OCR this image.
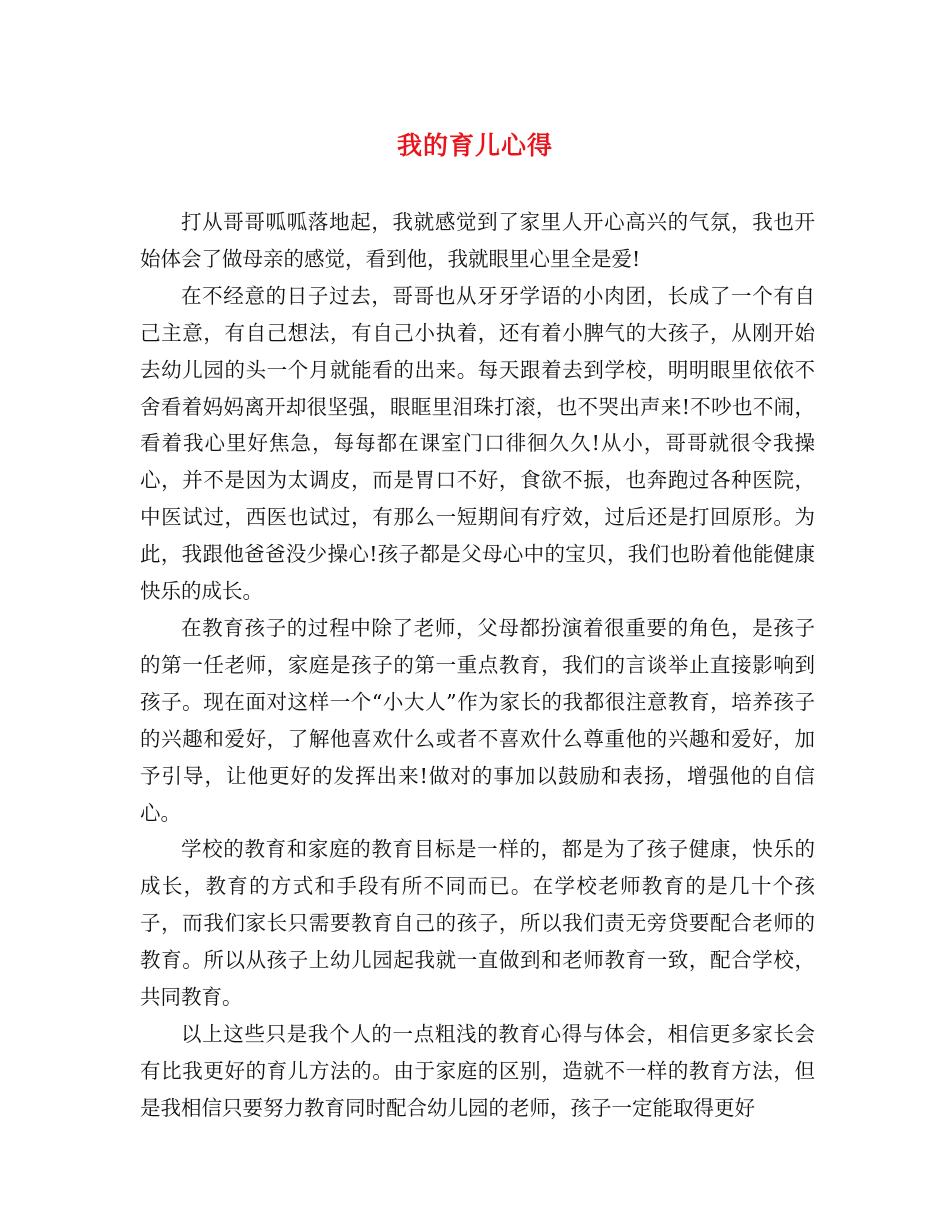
我的育儿心得

打从哥哥呱呱落地起，我就感觉到了家里人开心高兴的气氛，我也开始体会了做母亲的感觉，看到他，我就眼里心里全是爱!

在不经意的日子过去，哥哥也从牙牙学语的小肉团，长成了一个有自己主意，有自己想法，有自己小执着，还有着小脾气的大孩子，从刚开始去幼儿园的头一个月就能看的出来。每天跟着去到学校，明明眼里依依不舍看着妈妈离开却很坚强，眼眶里泪珠打滚，也不哭出声来!不吵也不闹，看着我心里好焦急，每每都在课室门口徘徊久久!从小，哥哥就很令我操心，并不是因为太调皮，而是胃口不好，食欲不振，也奔跑过各种医院，中医试过，西医也试过，有那么一短期间有疗效，过后还是打回原形。为此，我跟他爸爸没少操心!孩子都是父母心中的宝贝，我们也盼着他能健康快乐的成长。

在教育孩子的过程中除了老师，父母都扮演着很重要的角色，是孩子的第一任老师，家庭是孩子的第一重点教育，我们的言谈举止直接影响到孩子。现在面对这样一个“小大人”作为家长的我都很注意教育，培养孩子的兴趣和爱好，了解他喜欢什么或者不喜欢什么尊重他的兴趣和爱好，加予引导，让他更好的发挥出来!做对的事加以鼓励和表扬，增强他的自信心。

学校的教育和家庭的教育目标是一样的，都是为了孩子健康，快乐的成长，教育的方式和手段有所不同而已。在学校老师教育的是几十个孩子，而我们家长只需要教育自己的孩子，所以我们责无旁贷要配合老师的教育。所以从孩子上幼儿园起我就一直做到和老师教育一致，配合学校，共同教育。

以上这些只是我个人的一点粗浅的教育心得与体会，相信更多家长会有比我更好的育儿方法的。由于家庭的区别，造就不一样的教育方法，但是我相信只要努力教育同时配合幼儿园的老师，孩子一定能取得更好
